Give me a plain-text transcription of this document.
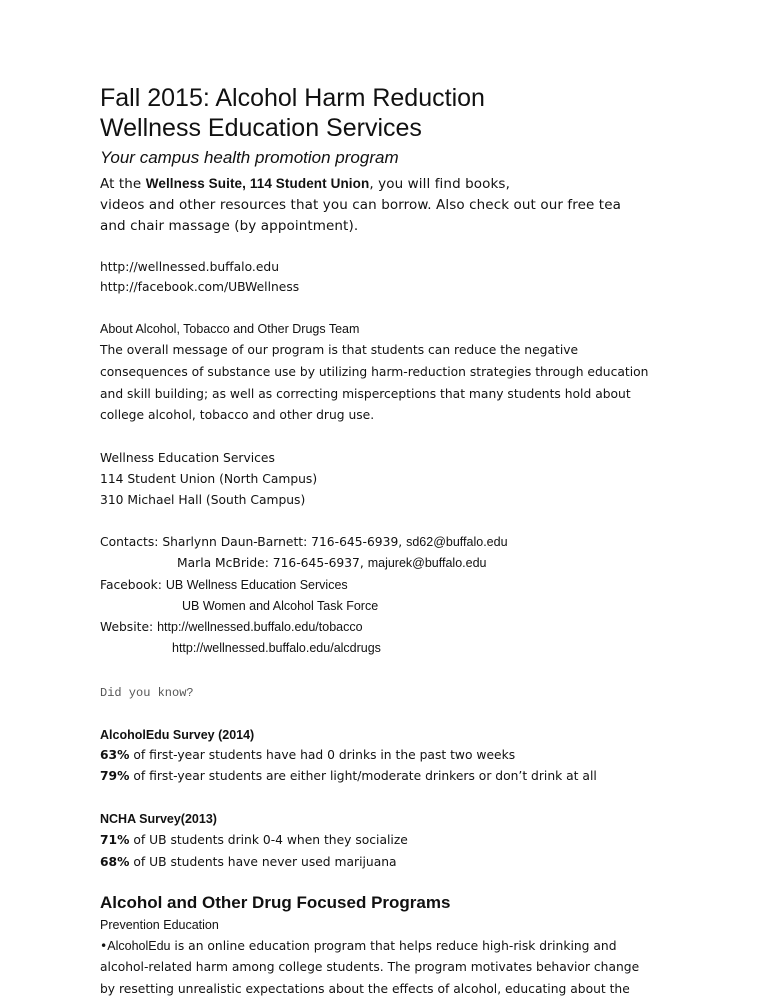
Fall 2015: Alcohol Harm Reduction
Wellness Education Services
Your campus health promotion program
At the Wellness Suite, 114 Student Union, you will find books,
videos and other resources that you can borrow. Also check out our free tea
and chair massage (by appointment).
http://wellnessed.buffalo.edu
http://facebook.com/UBWellness
About Alcohol, Tobacco and Other Drugs Team
The overall message of our program is that students can reduce the negative
consequences of substance use by utilizing harm-reduction strategies through education
and skill building; as well as correcting misperceptions that many students hold about
college alcohol, tobacco and other drug use.
Wellness Education Services
114 Student Union (North Campus)
310 Michael Hall (South Campus)
Contacts: Sharlynn Daun-Barnett: 716-645-6939, sd62@buffalo.edu
Marla McBride: 716-645-6937, majurek@buffalo.edu
Facebook: UB Wellness Education Services
UB Women and Alcohol Task Force
Website: http://wellnessed.buffalo.edu/tobacco
http://wellnessed.buffalo.edu/alcdrugs
Did you know?
AlcoholEdu Survey (2014)
63% of first-year students have had 0 drinks in the past two weeks
79% of first-year students are either light/moderate drinkers or don’t drink at all
NCHA Survey(2013)
71% of UB students drink 0-4 when they socialize
68% of UB students have never used marijuana
Alcohol and Other Drug Focused Programs
Prevention Education
•AlcoholEdu is an online education program that helps reduce high-risk drinking and
alcohol-related harm among college students. The program motivates behavior change
by resetting unrealistic expectations about the effects of alcohol, educating about the
